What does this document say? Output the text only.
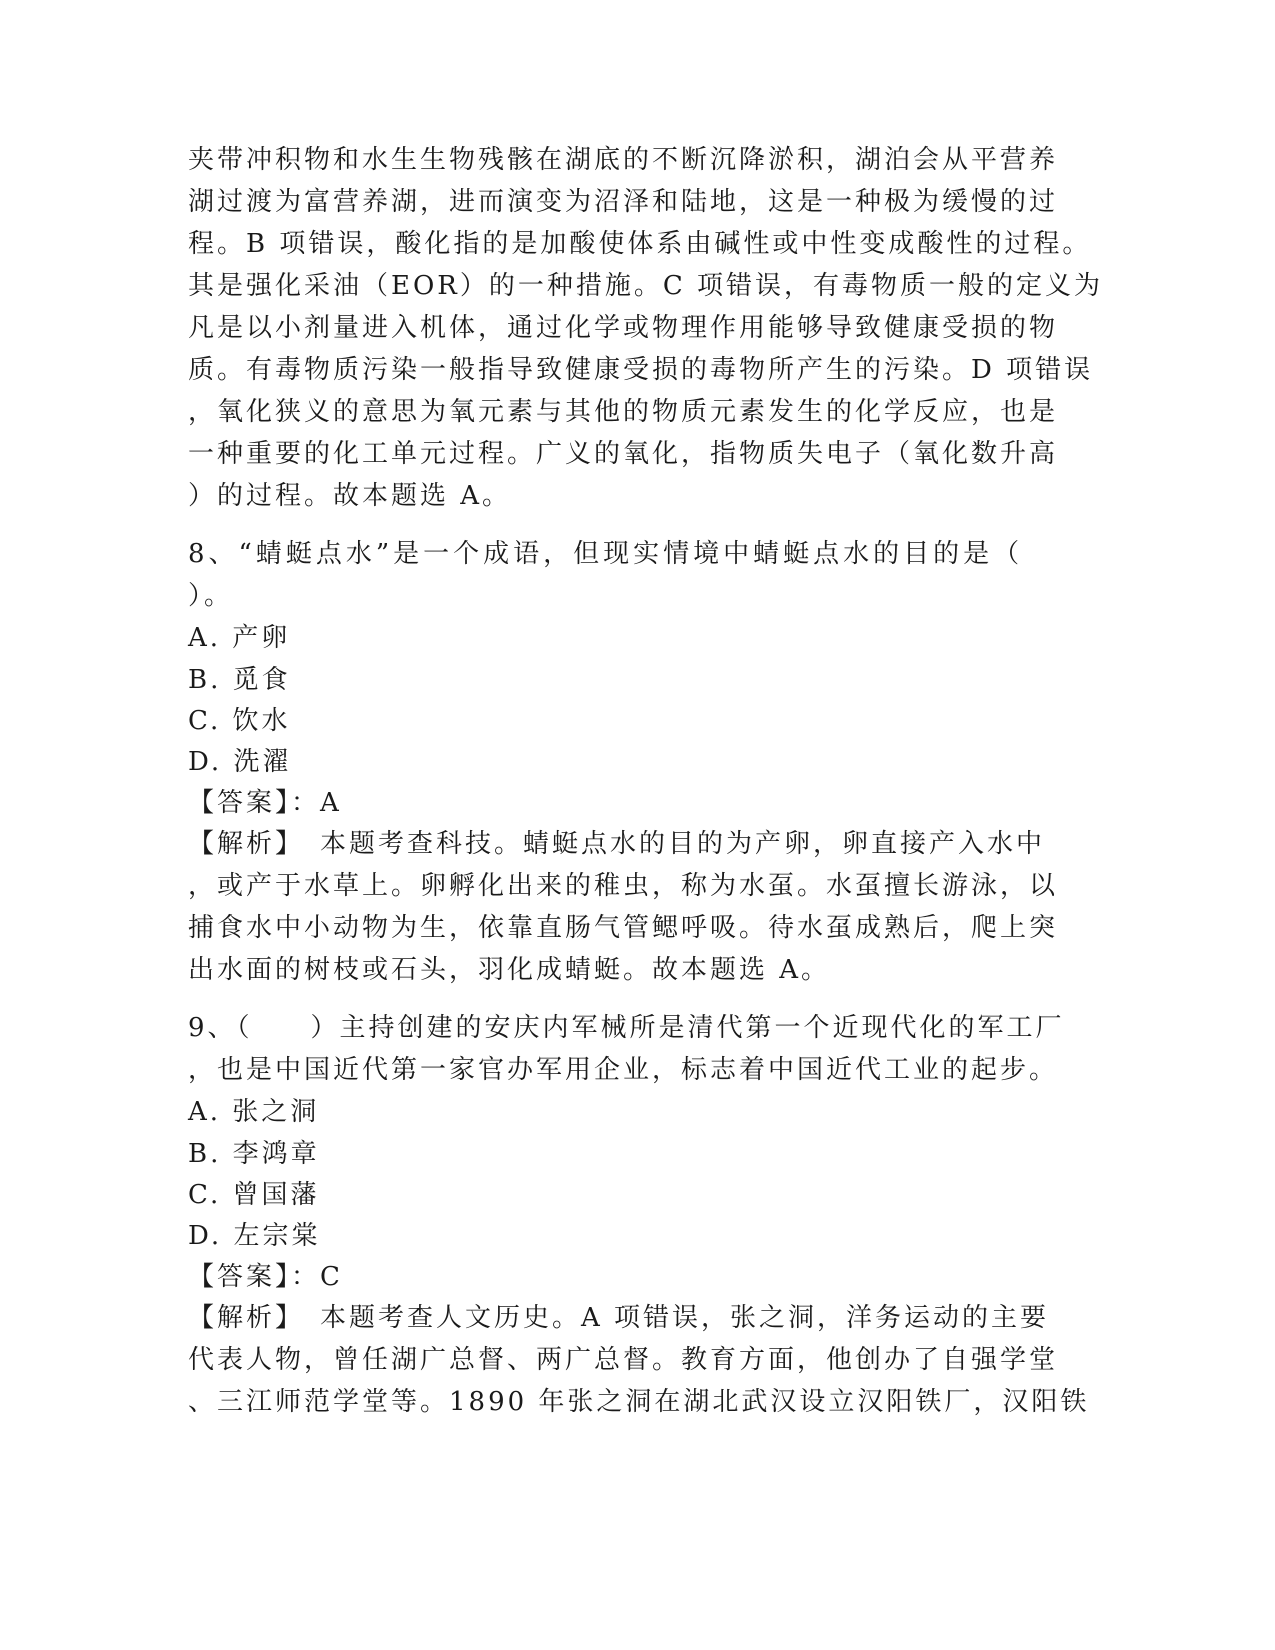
夹带冲积物和水生生物残骸在湖底的不断沉降淤积，湖泊会从平营养
湖过渡为富营养湖，进而演变为沼泽和陆地，这是一种极为缓慢的过
程。B 项错误，酸化指的是加酸使体系由碱性或中性变成酸性的过程。
其是强化采油（EOR）的一种措施。C 项错误，有毒物质一般的定义为
凡是以小剂量进入机体，通过化学或物理作用能够导致健康受损的物
质。有毒物质污染一般指导致健康受损的毒物所产生的污染。D 项错误
，氧化狭义的意思为氧元素与其他的物质元素发生的化学反应，也是
一种重要的化工单元过程。广义的氧化，指物质失电子（氧化数升高
）的过程。故本题选 A。
8、“蜻蜓点水”是一个成语，但现实情境中蜻蜓点水的目的是（
）。
A. 产卵
B. 觅食
C. 饮水
D. 洗濯
【答案】：A
【解析】　本题考查科技。蜻蜓点水的目的为产卵，卵直接产入水中
，或产于水草上。卵孵化出来的稚虫，称为水虿。水虿擅长游泳，以
捕食水中小动物为生，依靠直肠气管鳃呼吸。待水虿成熟后，爬上突
出水面的树枝或石头，羽化成蜻蜓。故本题选 A。
9、（　　）主持创建的安庆内军械所是清代第一个近现代化的军工厂
，也是中国近代第一家官办军用企业，标志着中国近代工业的起步。
A. 张之洞
B. 李鸿章
C. 曾国藩
D. 左宗棠
【答案】：C
【解析】　本题考查人文历史。A 项错误，张之洞，洋务运动的主要
代表人物，曾任湖广总督、两广总督。教育方面，他创办了自强学堂
、三江师范学堂等。1890 年张之洞在湖北武汉设立汉阳铁厂，汉阳铁
